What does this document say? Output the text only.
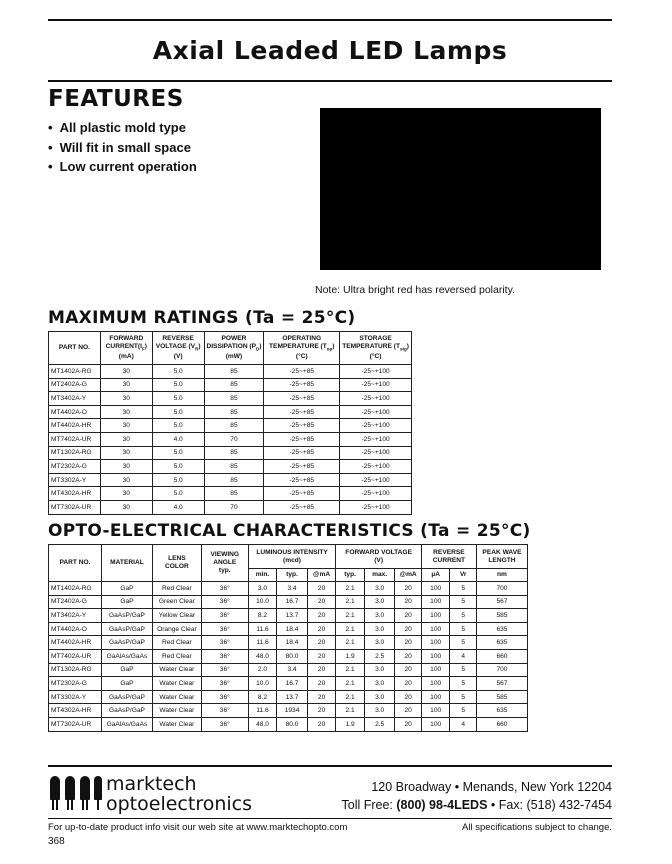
Axial Leaded LED Lamps
FEATURES
• All plastic mold type
• Will fit in small space
• Low current operation
Note: Ultra bright red has reversed polarity.
MAXIMUM RATINGS (Ta = 25°C)
PART NO.	FORWARD
$CURRENT(I_F)$
(mA)	REVERSE
VOLTAGE $(V_R)$
(V)	POWER
DISSIPATION $(P_D)$
(mW)	OPERATING
TEMPERATURE $(T_{op})$
(°C)	STORAGE
TEMPERATURE $(T_{stg})$
(°C)
MT1402A-RG	30	5.0	85	-25~+85	-25~+100
MT2402A-G	30	5.0	85	-25~+85	-25~+100
MT3402A-Y	30	5.0	85	-25~+85	-25~+100
MT4402A-O	30	5.0	85	-25~+85	-25~+100
MT4402A-HR	30	5.0	85	-25~+85	-25~+100
MT7402A-UR	30	4.0	70	-25~+85	-25~+100
MT1302A-RG	30	5.0	85	-25~+85	-25~+100
MT2302A-G	30	5.0	85	-25~+85	-25~+100
MT3302A-Y	30	5.0	85	-25~+85	-25~+100
MT4302A-HR	30	5.0	85	-25~+85	-25~+100
MT7302A-UR	30	4.0	70	-25~+85	-25~+100
OPTO-ELECTRICAL CHARACTERISTICS (Ta = 25°C)
PART NO.	MATERIAL	LENS
COLOR	VIEWING
ANGLE
typ.	LUMINOUS INTENSITY
(mcd)			FORWARD VOLTAGE
(V)			REVERSE
CURRENT		PEAK WAVE
LENGTH
				min.	typ.	@mA	typ.	max.	@mA	µA	Vr	nm
MT1402A-RG	GaP	Red Clear	36°	3.0	3.4	20	2.1	3.0	20	100	5	700
MT2402A-G	GaP	Green Clear	36°	10.0	16.7	20	2.1	3.0	20	100	5	567
MT3402A-Y	GaAsP/GaP	Yellow Clear	36°	8.2	13.7	20	2.1	3.0	20	100	5	585
MT4402A-O	GaAsP/GaP	Orange Clear	36°	11.6	18.4	20	2.1	3.0	20	100	5	635
MT4402A-HR	GaAsP/GaP	Red Clear	36°	11.6	18.4	20	2.1	3.0	20	100	5	635
MT7402A-UR	GaAlAs/GaAs	Red Clear	36°	48.0	80.0	20	1.9	2.5	20	100	4	660
MT1302A-RG	GaP	Water Clear	36°	2.0	3.4	20	2.1	3.0	20	100	5	700
MT2302A-G	GaP	Water Clear	36°	10.0	16.7	20	2.1	3.0	20	100	5	567
MT3302A-Y	GaAsP/GaP	Water Clear	36°	8.2	13.7	20	2.1	3.0	20	100	5	585
MT4302A-HR	GaAsP/GaP	Water Clear	36°	11.6	1934	20	2.1	3.0	20	100	5	635
MT7302A-UR	GaAlAs/GaAs	Water Clear	36°	48.0	80.0	20	1.9	2.5	20	100	4	660
marktech
optoelectronics
120 Broadway • Menands, New York 12204
Toll Free: (800) 98-4LEDS • Fax: (518) 432-7454
For up-to-date product info visit our web site at www.marktechopto.com	All specifications subject to change.
368
